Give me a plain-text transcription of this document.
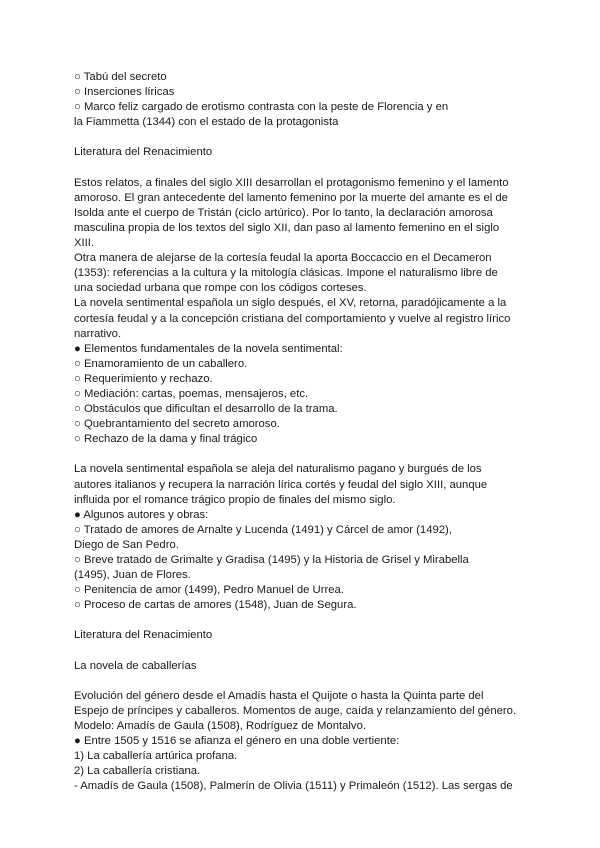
○ Tabú del secreto
○ Inserciones líricas
○ Marco feliz cargado de erotismo contrasta con la peste de Florencia y en
la Fiammetta (1344) con el estado de la protagonista
Literatura del Renacimiento
Estos relatos, a finales del siglo XIII desarrollan el protagonismo femenino y el lamento
amoroso. El gran antecedente del lamento femenino por la muerte del amante es el de
Isolda ante el cuerpo de Tristán (ciclo artúrico). Por lo tanto, la declaración amorosa
masculina propia de los textos del siglo XII, dan paso al lamento femenino en el siglo
XIII.
Otra manera de alejarse de la cortesía feudal la aporta Boccaccio en el Decameron
(1353): referencias a la cultura y la mitología clásicas. Impone el naturalismo libre de
una sociedad urbana que rompe con los códigos corteses.
La novela sentimental española un siglo después, el XV, retorna, paradójicamente a la
cortesía feudal y a la concepción cristiana del comportamiento y vuelve al registro lírico
narrativo.
● Elementos fundamentales de la novela sentimental:
○ Enamoramiento de un caballero.
○ Requerimiento y rechazo.
○ Mediación: cartas, poemas, mensajeros, etc.
○ Obstáculos que dificultan el desarrollo de la trama.
○ Quebrantamiento del secreto amoroso.
○ Rechazo de la dama y final trágico
La novela sentimental española se aleja del naturalismo pagano y burgués de los
autores italianos y recupera la narración lírica cortés y feudal del siglo XIII, aunque
influida por el romance trágico propio de finales del mismo siglo.
● Algunos autores y obras:
○ Tratado de amores de Arnalte y Lucenda (1491) y Cárcel de amor (1492),
Diego de San Pedro.
○ Breve tratado de Grimalte y Gradisa (1495) y la Historia de Grisel y Mirabella
(1495), Juan de Flores.
○ Penitencia de amor (1499), Pedro Manuel de Urrea.
○ Proceso de cartas de amores (1548), Juan de Segura.
Literatura del Renacimiento
La novela de caballerías
Evolución del género desde el Amadís hasta el Quijote o hasta la Quinta parte del
Espejo de príncipes y caballeros. Momentos de auge, caída y relanzamiento del género.
Modelo: Amadís de Gaula (1508), Rodríguez de Montalvo.
● Entre 1505 y 1516 se afianza el género en una doble vertiente:
1) La caballería artúrica profana.
2) La caballería cristiana.
- Amadís de Gaula (1508), Palmerín de Olivia (1511) y Primaleón (1512). Las sergas de
